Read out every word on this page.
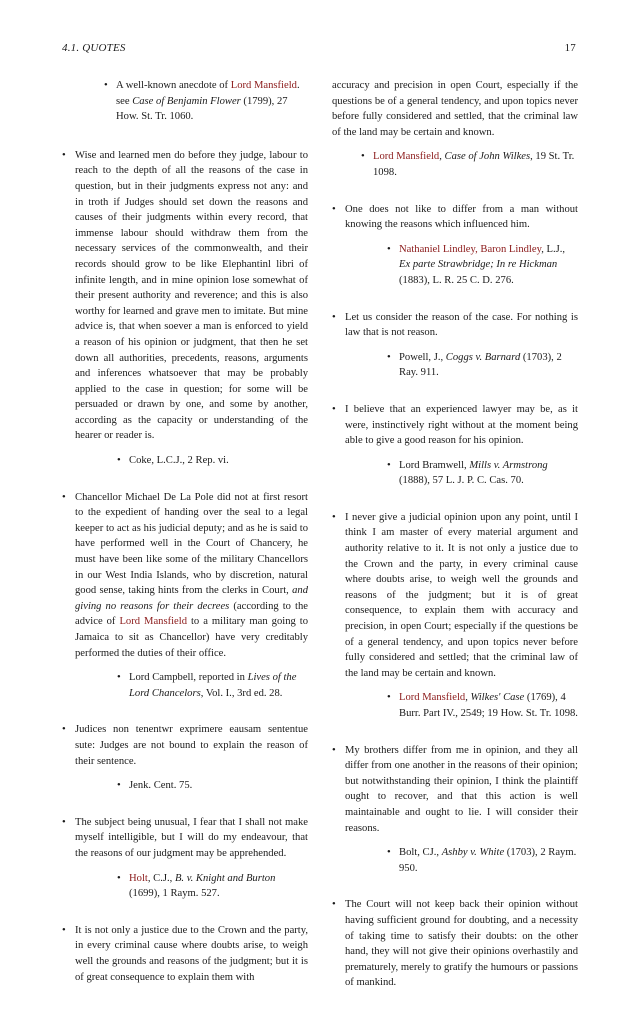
4.1. QUOTES	17
• A well-known anecdote of Lord Mansfield. see Case of Benjamin Flower (1799), 27 How. St. Tr. 1060.
• Wise and learned men do before they judge, labour to reach to the depth of all the reasons of the case in question, but in their judgments express not any: and in troth if Judges should set down the reasons and causes of their judgments within every record, that immense labour should withdraw them from the necessary services of the commonwealth, and their records should grow to be like Elephantinl libri of infinite length, and in mine opinion lose somewhat of their present authority and reverence; and this is also worthy for learned and grave men to imitate. But mine advice is, that when soever a man is enforced to yield a reason of his opinion or judgment, that then he set down all authorities, precedents, reasons, arguments and inferences whatsoever that may be probably applied to the case in question; for some will be persuaded or drawn by one, and some by another, according as the capacity or understanding of the hearer or reader is.
• Coke, L.C.J., 2 Rep. vi.
• Chancellor Michael De La Pole did not at first resort to the expedient of handing over the seal to a legal keeper to act as his judicial deputy; and as he is said to have performed well in the Court of Chancery, he must have been like some of the military Chancellors in our West India Islands, who by discretion, natural good sense, taking hints from the clerks in Court, and giving no reasons for their decrees (according to the advice of Lord Mansfield to a military man going to Jamaica to sit as Chancellor) have very creditably performed the duties of their office.
• Lord Campbell, reported in Lives of the Lord Chancelors, Vol. I., 3rd ed. 28.
• Judices non tenentwr exprimere eausam sententue sute: Judges are not bound to explain the reason of their sentence.
• Jenk. Cent. 75.
• The subject being unusual, I fear that I shall not make myself intelligible, but I will do my endeavour, that the reasons of our judgment may be apprehended.
• Holt, C.J., B. v. Knight and Burton (1699), 1 Raym. 527.
• It is not only a justice due to the Crown and the party, in every criminal cause where doubts arise, to weigh well the grounds and reasons of the judgment; but it is of great consequence to explain them with
accuracy and precision in open Court, especially if the questions be of a general tendency, and upon topics never before fully considered and settled, that the criminal law of the land may be certain and known.
• Lord Mansfield, Case of John Wilkes, 19 St. Tr. 1098.
• One does not like to differ from a man without knowing the reasons which influenced him.
• Nathaniel Lindley, Baron Lindley, L.J., Ex parte Strawbridge; In re Hickman (1883), L. R. 25 C. D. 276.
• Let us consider the reason of the case. For nothing is law that is not reason.
• Powell, J., Coggs v. Barnard (1703), 2 Ray. 911.
• I believe that an experienced lawyer may be, as it were, instinctively right without at the moment being able to give a good reason for his opinion.
• Lord Bramwell, Mills v. Armstrong (1888), 57 L. J. P. C. Cas. 70.
• I never give a judicial opinion upon any point, until I think I am master of every material argument and authority relative to it. It is not only a justice due to the Crown and the party, in every criminal cause where doubts arise, to weigh well the grounds and reasons of the judgment; but it is of great consequence, to explain them with accuracy and precision, in open Court; especially if the questions be of a general tendency, and upon topics never before fully considered and settled; that the criminal law of the land may be certain and known.
• Lord Mansfield, Wilkes' Case (1769), 4 Burr. Part IV., 2549; 19 How. St. Tr. 1098.
• My brothers differ from me in opinion, and they all differ from one another in the reasons of their opinion; but notwithstanding their opinion, I think the plaintiff ought to recover, and that this action is well maintainable and ought to lie. I will consider their reasons.
• Bolt, CJ., Ashby v. White (1703), 2 Raym. 950.
• The Court will not keep back their opinion without having sufficient ground for doubting, and a necessity of taking time to satisfy their doubts: on the other hand, they will not give their opinions overhastily and prematurely, merely to gratify the humours or passions of mankind.
